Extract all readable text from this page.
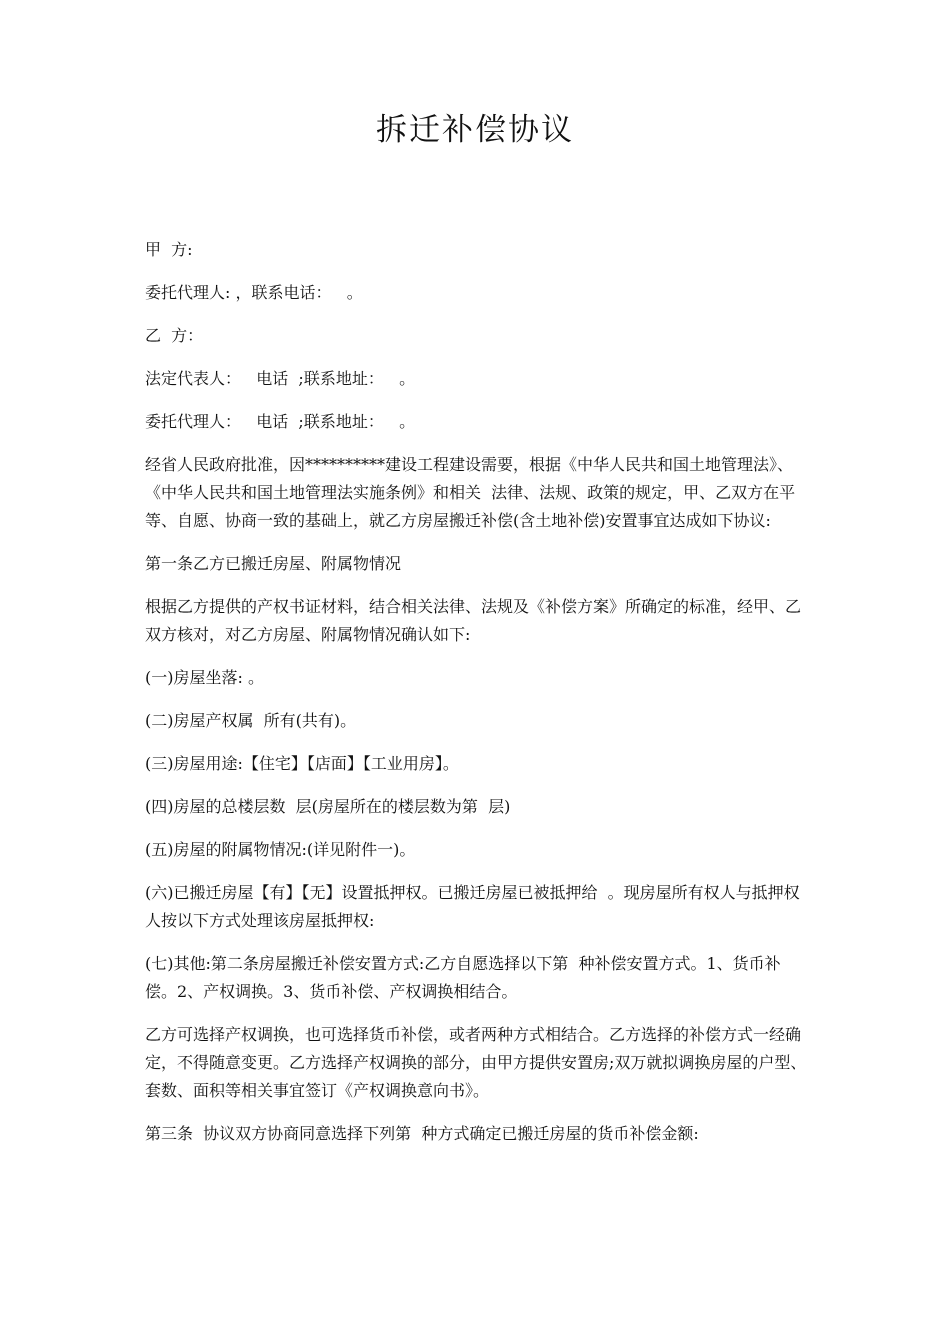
拆迁补偿协议

甲  方:

委托代理人: ，联系电话：   。

乙  方：

法定代表人：   电话  ;联系地址：   。

委托代理人：   电话  ;联系地址：   。

经省人民政府批准，因**********建设工程建设需要，根据《中华人民共和国土地管理法》、《中华人民共和国土地管理法实施条例》和相关  法律、法规、政策的规定，甲、乙双方在平等、自愿、协商一致的基础上，就乙方房屋搬迁补偿(含土地补偿)安置事宜达成如下协议:

第一条乙方已搬迁房屋、附属物情况

根据乙方提供的产权书证材料，结合相关法律、法规及《补偿方案》所确定的标准，经甲、乙双方核对，对乙方房屋、附属物情况确认如下:

(一)房屋坐落: 。

(二)房屋产权属  所有(共有)。

(三)房屋用途:【住宅】【店面】【工业用房】。

(四)房屋的总楼层数  层(房屋所在的楼层数为第  层)

(五)房屋的附属物情况:(详见附件一)。

(六)已搬迁房屋【有】【无】设置抵押权。已搬迁房屋已被抵押给  。现房屋所有权人与抵押权人按以下方式处理该房屋抵押权:

(七)其他:第二条房屋搬迁补偿安置方式:乙方自愿选择以下第  种补偿安置方式。1、货币补偿。2、产权调换。3、货币补偿、产权调换相结合。

乙方可选择产权调换，也可选择货币补偿，或者两种方式相结合。乙方选择的补偿方式一经确定，不得随意变更。乙方选择产权调换的部分，由甲方提供安置房;双万就拟调换房屋的户型、套数、面积等相关事宜签订《产权调换意向书》。

第三条  协议双方协商同意选择下列第  种方式确定已搬迁房屋的货币补偿金额:
